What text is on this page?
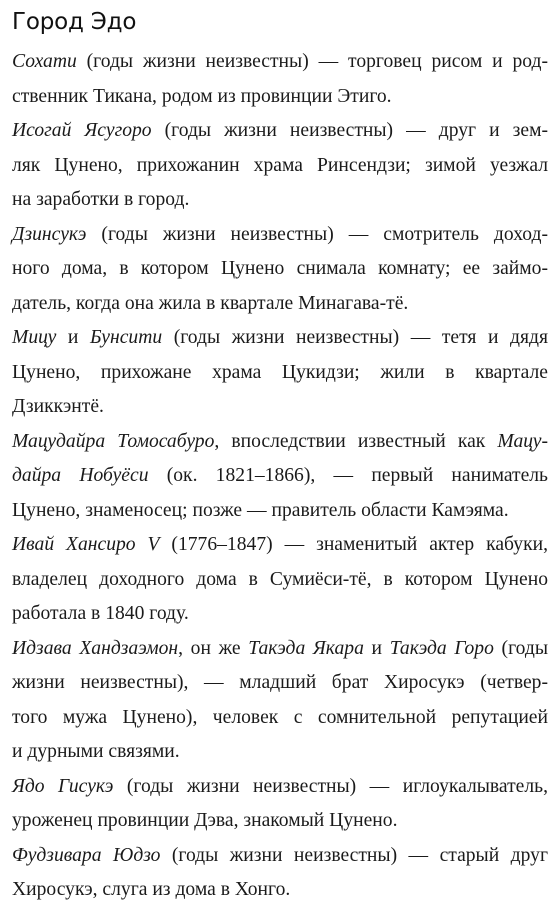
Город Эдо

Сохати (годы жизни неизвестны) — торговец рисом и род-
ственник Тикана, родом из провинции Этиго.

Исогай Ясугоро (годы жизни неизвестны) — друг и зем-
ляк Цунено, прихожанин храма Ринсендзи; зимой уезжал
на заработки в город.

Дзинсукэ (годы жизни неизвестны) — смотритель доход-
ного дома, в котором Цунено снимала комнату; ее займо-
датель, когда она жила в квартале Минагава-тё.

Мицу и Бунсити (годы жизни неизвестны) — тетя и дядя
Цунено, прихожане храма Цукидзи; жили в квартале
Дзиккэнтё.

Мацудайра Томосабуро, впоследствии известный как Мацу-
дайра Нобуёси (ок. 1821–1866), — первый наниматель
Цунено, знаменосец; позже — правитель области Камэяма.

Ивай Хансиро V (1776–1847) — знаменитый актер кабуки,
владелец доходного дома в Сумиёси-тё, в котором Цунено
работала в 1840 году.

Идзава Хандзаэмон, он же Такэда Якара и Такэда Горо (годы
жизни неизвестны), — младший брат Хиросукэ (четвер-
того мужа Цунено), человек с сомнительной репутацией
и дурными связями.

Ядо Гисукэ (годы жизни неизвестны) — иглоукалыватель,
уроженец провинции Дэва, знакомый Цунено.

Фудзивара Юдзо (годы жизни неизвестны) — старый друг
Хиросукэ, слуга из дома в Хонго.
